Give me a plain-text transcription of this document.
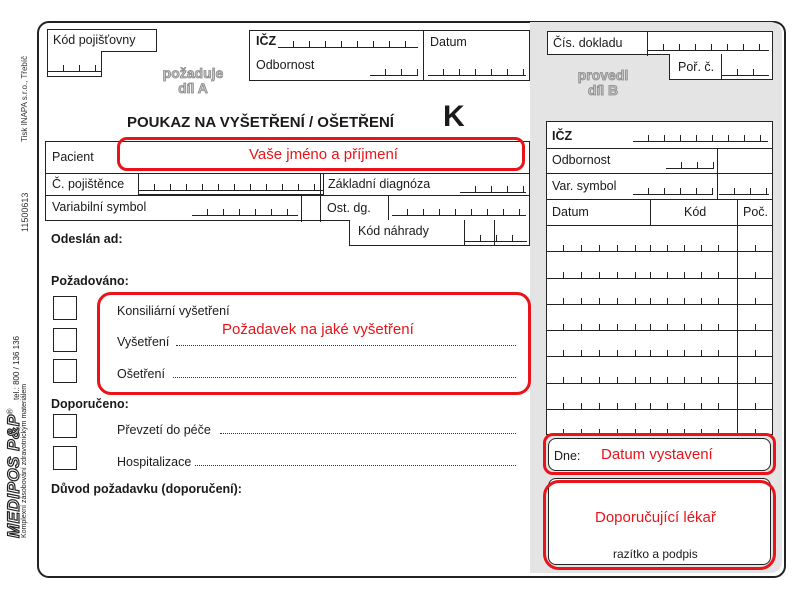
Tisk INAPA s.r.o., Třebíč
11500613
MEDIPOS P&P® tel.: 800 / 136 136
Komplexní zásobování zdravotnickým materiálem
Kód pojišťovny	IČZ	Datum
Odbornost
požaduje
díl A
POUKAZ NA VYŠETŘENÍ / OŠETŘENÍ K
Pacient
Č. pojištěnce	Základní diagnóza
Variabilní symbol	Ost. dg.
Kód náhrady
Odeslán ad:
Požadováno:
Konsiliární vyšetření
Vyšetření
Ošetření
Doporučeno:
Převzetí do péče
Hospitalizace
Důvod požadavku (doporučení):
Čís. dokladu
Poř. č.
provedl
díl B
IČZ
Odbornost
Var. symbol
Datum	Kód	Poč.
Dne:
razítko a podpis
Vaše jméno a příjmení
Požadavek na jaké vyšetření
Datum vystavení
Doporučující lékař
